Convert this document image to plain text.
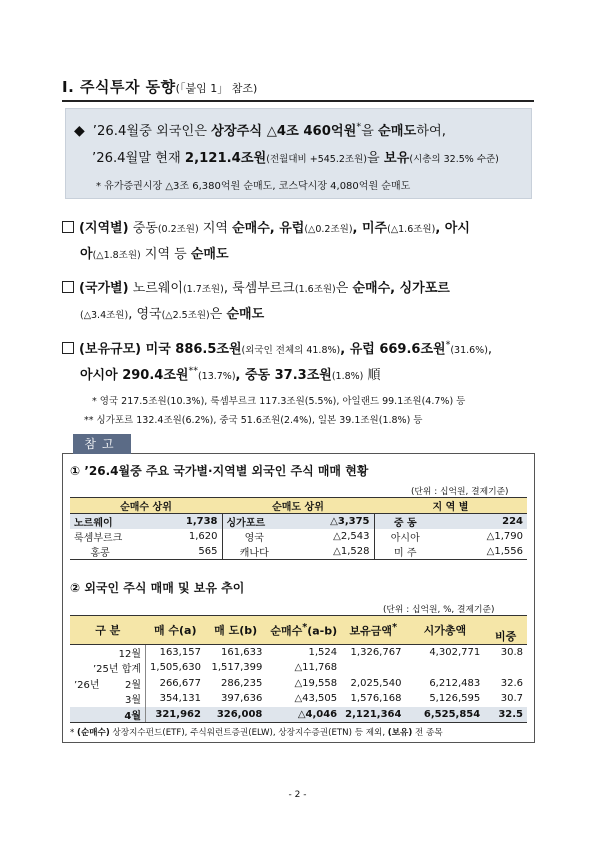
Ⅰ. 주식투자 동향(「붙임 1」 참조)
◆ ’26.4월중 외국인은 상장주식 △4조 460억원*을 순매도하여,
’26.4월말 현재 2,121.4조원(전월대비 +545.2조원)을 보유(시총의 32.5% 수준)
* 유가증권시장 △3조 6,380억원 순매도, 코스닥시장 4,080억원 순매도
(지역별) 중동(0.2조원) 지역 순매수, 유럽(△0.2조원), 미주(△1.6조원), 아시
아(△1.8조원) 지역 등 순매도
(국가별) 노르웨이(1.7조원), 룩셈부르크(1.6조원)은 순매수, 싱가포르
(△3.4조원), 영국(△2.5조원)은 순매도
(보유규모) 미국 886.5조원(외국인 전체의 41.8%), 유럽 669.6조원*(31.6%),
아시아 290.4조원**(13.7%), 중동 37.3조원(1.8%) 順
* 영국 217.5조원(10.3%), 룩셈부르크 117.3조원(5.5%), 아일랜드 99.1조원(4.7%) 등
** 싱가포르 132.4조원(6.2%), 중국 51.6조원(2.4%), 일본 39.1조원(1.8%) 등
참고
① ’26.4월중 주요 국가별·지역별 외국인 주식 매매 현황
(단위 : 십억원, 결제기준)
순매수 상위		순매도 상위		지 역 별	
노르웨이	1,738	싱가포르	△3,375	중 동	224
룩셈부르크	1,620	영국	△2,543	아시아	△1,790
홍콩	565	캐나다	△1,528	미 주	△1,556
② 외국인 주식 매매 및 보유 추이
(단위 : 십억원, %, 결제기준)
구 분		매 수(a)	매 도(b)	순매수*(a-b)	보유금액*	시가총액	비중
	12월	163,157	161,633	1,524	1,326,767	4,302,771	30.8
’25년 합계		1,505,630	1,517,399	△11,768			
’26년	2월	266,677	286,235	△19,558	2,025,540	6,212,483	32.6
	3월	354,131	397,636	△43,505	1,576,168	5,126,595	30.7
	4월	321,962	326,008	△4,046	2,121,364	6,525,854	32.5
* (순매수) 상장지수펀드(ETF), 주식워런트증권(ELW), 상장지수증권(ETN) 등 제외, (보유) 전 종목
- 2 -
